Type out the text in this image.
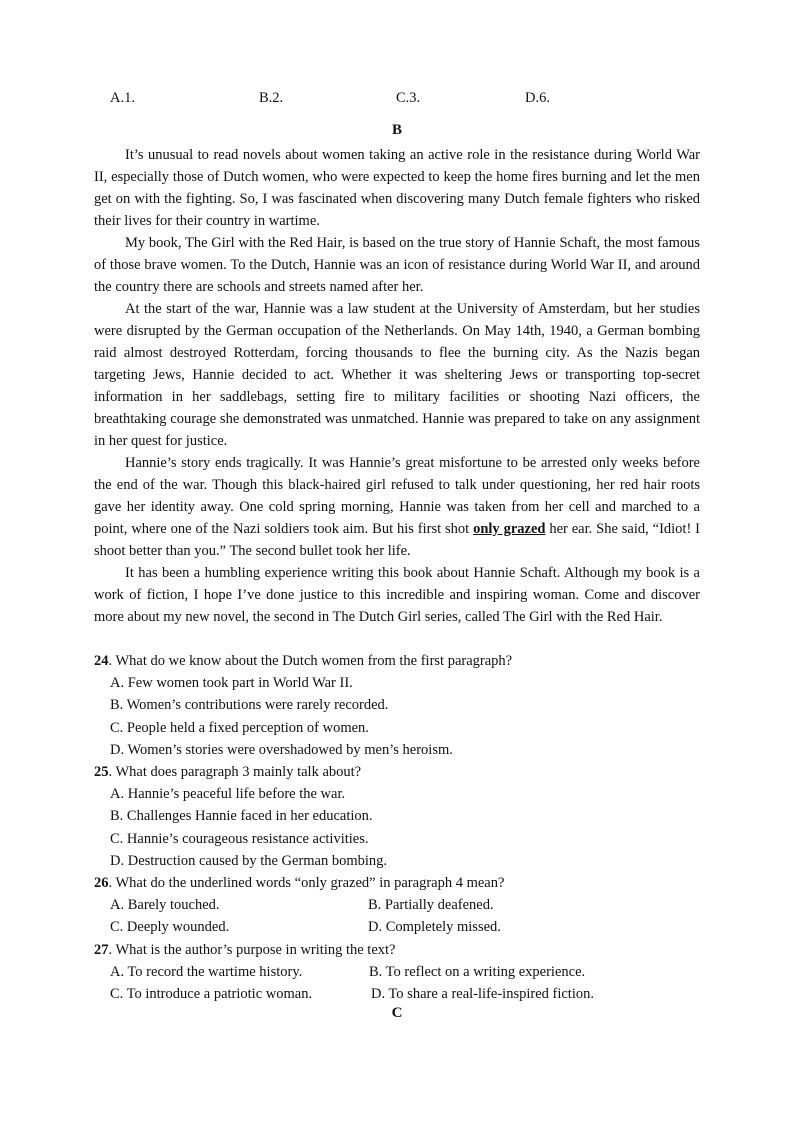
A.1.	B.2.	C.3.	D.6.
B

It’s unusual to read novels about women taking an active role in the resistance during World War II, especially those of Dutch women, who were expected to keep the home fires burning and let the men get on with the fighting. So, I was fascinated when discovering many Dutch female fighters who risked their lives for their country in wartime.

My book, The Girl with the Red Hair, is based on the true story of Hannie Schaft, the most famous of those brave women. To the Dutch, Hannie was an icon of resistance during World War II, and around the country there are schools and streets named after her.

At the start of the war, Hannie was a law student at the University of Amsterdam, but her studies were disrupted by the German occupation of the Netherlands. On May 14th, 1940, a German bombing raid almost destroyed Rotterdam, forcing thousands to flee the burning city. As the Nazis began targeting Jews, Hannie decided to act. Whether it was sheltering Jews or transporting top-secret information in her saddlebags, setting fire to military facilities or shooting Nazi officers, the breathtaking courage she demonstrated was unmatched. Hannie was prepared to take on any assignment in her quest for justice.

Hannie’s story ends tragically. It was Hannie’s great misfortune to be arrested only weeks before the end of the war. Though this black-haired girl refused to talk under questioning, her red hair roots gave her identity away. One cold spring morning, Hannie was taken from her cell and marched to a point, where one of the Nazi soldiers took aim. But his first shot only grazed her ear. She said, “Idiot! I shoot better than you.” The second bullet took her life.

It has been a humbling experience writing this book about Hannie Schaft. Although my book is a work of fiction, I hope I’ve done justice to this incredible and inspiring woman. Come and discover more about my new novel, the second in The Dutch Girl series, called The Girl with the Red Hair.

24. What do we know about the Dutch women from the first paragraph?
A. Few women took part in World War II.
B. Women’s contributions were rarely recorded.
C. People held a fixed perception of women.
D. Women’s stories were overshadowed by men’s heroism.
25. What does paragraph 3 mainly talk about?
A. Hannie’s peaceful life before the war.
B. Challenges Hannie faced in her education.
C. Hannie’s courageous resistance activities.
D. Destruction caused by the German bombing.
26. What do the underlined words “only grazed” in paragraph 4 mean?
A. Barely touched.	B. Partially deafened.
C. Deeply wounded.	D. Completely missed.
27. What is the author’s purpose in writing the text?
A. To record the wartime history.	B. To reflect on a writing experience.
C. To introduce a patriotic woman.	D. To share a real-life-inspired fiction.
C
